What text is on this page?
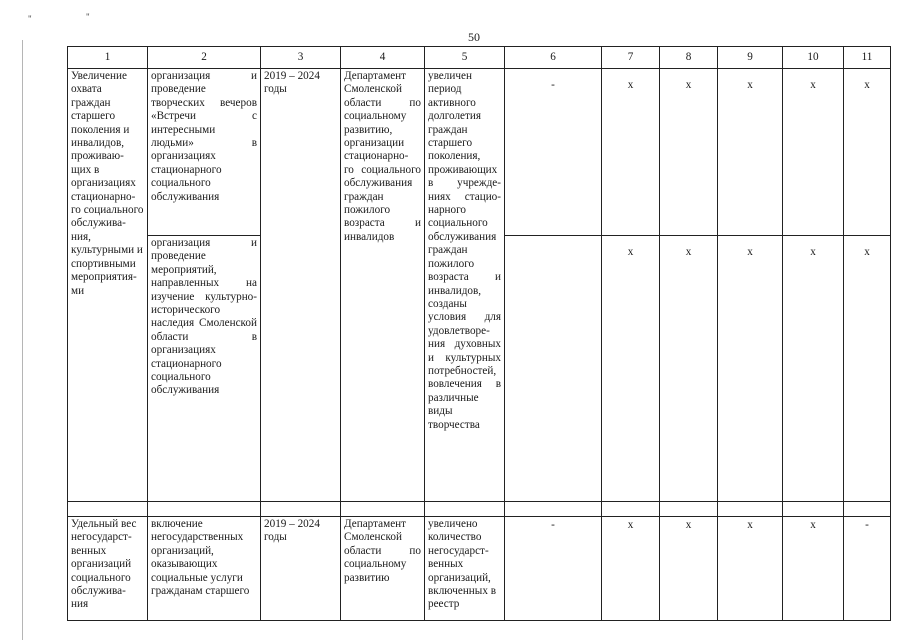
"	"
50
1	2	3	4	5	6	7	8	9	10	11
Увеличение охвата граждан старшего поколения и инвалидов, проживаю- щих в организациях стационарно- го социального обслужива- ния, культурными и спортивными мероприятия- ми	организация и проведение творческих вечеров «Встречи с интересными людьми» в организациях стационарного социального обслуживания	2019 – 2024 годы	Департамент Смоленской области по социальному развитию, организации стационарно- го социального обслуживания граждан пожилого возраста и инвалидов	увеличен период активного долголетия граждан старшего поколения, проживающих в учрежде- ниях стацио- нарного социального обслуживания граждан пожилого возраста и инвалидов, созданы условия для удовлетворе- ния духовных и культурных потребностей, вовлечения в различные виды творчества	-	x	x	x	x	x
	организация и проведение мероприятий, направленных на изучение культурно- исторического наследия Смоленской области в организациях стационарного социального обслуживания					x	x	x	x	x

Удельный вес негосударст- венных организаций социального обслужива- ния	включение негосударственных организаций, оказывающих социальные услуги гражданам старшего	2019 – 2024 годы	Департамент Смоленской области по социальному развитию	увеличено количество негосударст- венных организаций, включенных в реестр	-	x	x	x	x	-
